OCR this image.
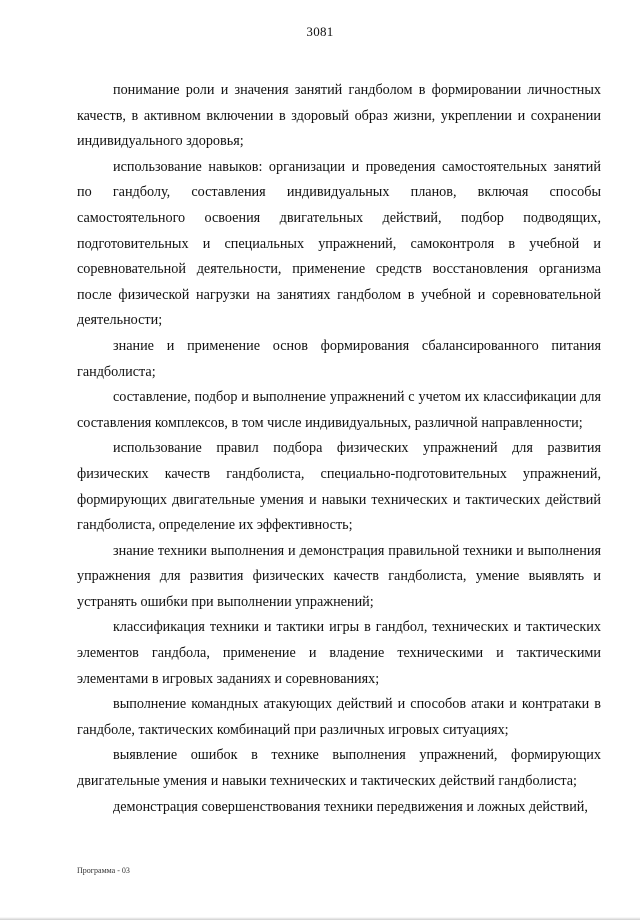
3081

понимание роли и значения занятий гандболом в формировании личностных качеств, в активном включении в здоровый образ жизни, укреплении и сохранении индивидуального здоровья;

использование навыков: организации и проведения самостоятельных занятий по гандболу, составления индивидуальных планов, включая способы самостоятельного освоения двигательных действий, подбор подводящих, подготовительных и специальных упражнений, самоконтроля в учебной и соревновательной деятельности, применение средств восстановления организма после физической нагрузки на занятиях гандболом в учебной и соревновательной деятельности;

знание и применение основ формирования сбалансированного питания гандболиста;

составление, подбор и выполнение упражнений с учетом их классификации для составления комплексов, в том числе индивидуальных, различной направленности;

использование правил подбора физических упражнений для развития физических качеств гандболиста, специально-подготовительных упражнений, формирующих двигательные умения и навыки технических и тактических действий гандболиста, определение их эффективность;

знание техники выполнения и демонстрация правильной техники и выполнения упражнения для развития физических качеств гандболиста, умение выявлять и устранять ошибки при выполнении упражнений;

классификация техники и тактики игры в гандбол, технических и тактических элементов гандбола, применение и владение техническими и тактическими элементами в игровых заданиях и соревнованиях;

выполнение командных атакующих действий и способов атаки и контратаки в гандболе, тактических комбинаций при различных игровых ситуациях;

выявление ошибок в технике выполнения упражнений, формирующих двигательные умения и навыки технических и тактических действий гандболиста;

демонстрация совершенствования техники передвижения и ложных действий,

Программа - 03
